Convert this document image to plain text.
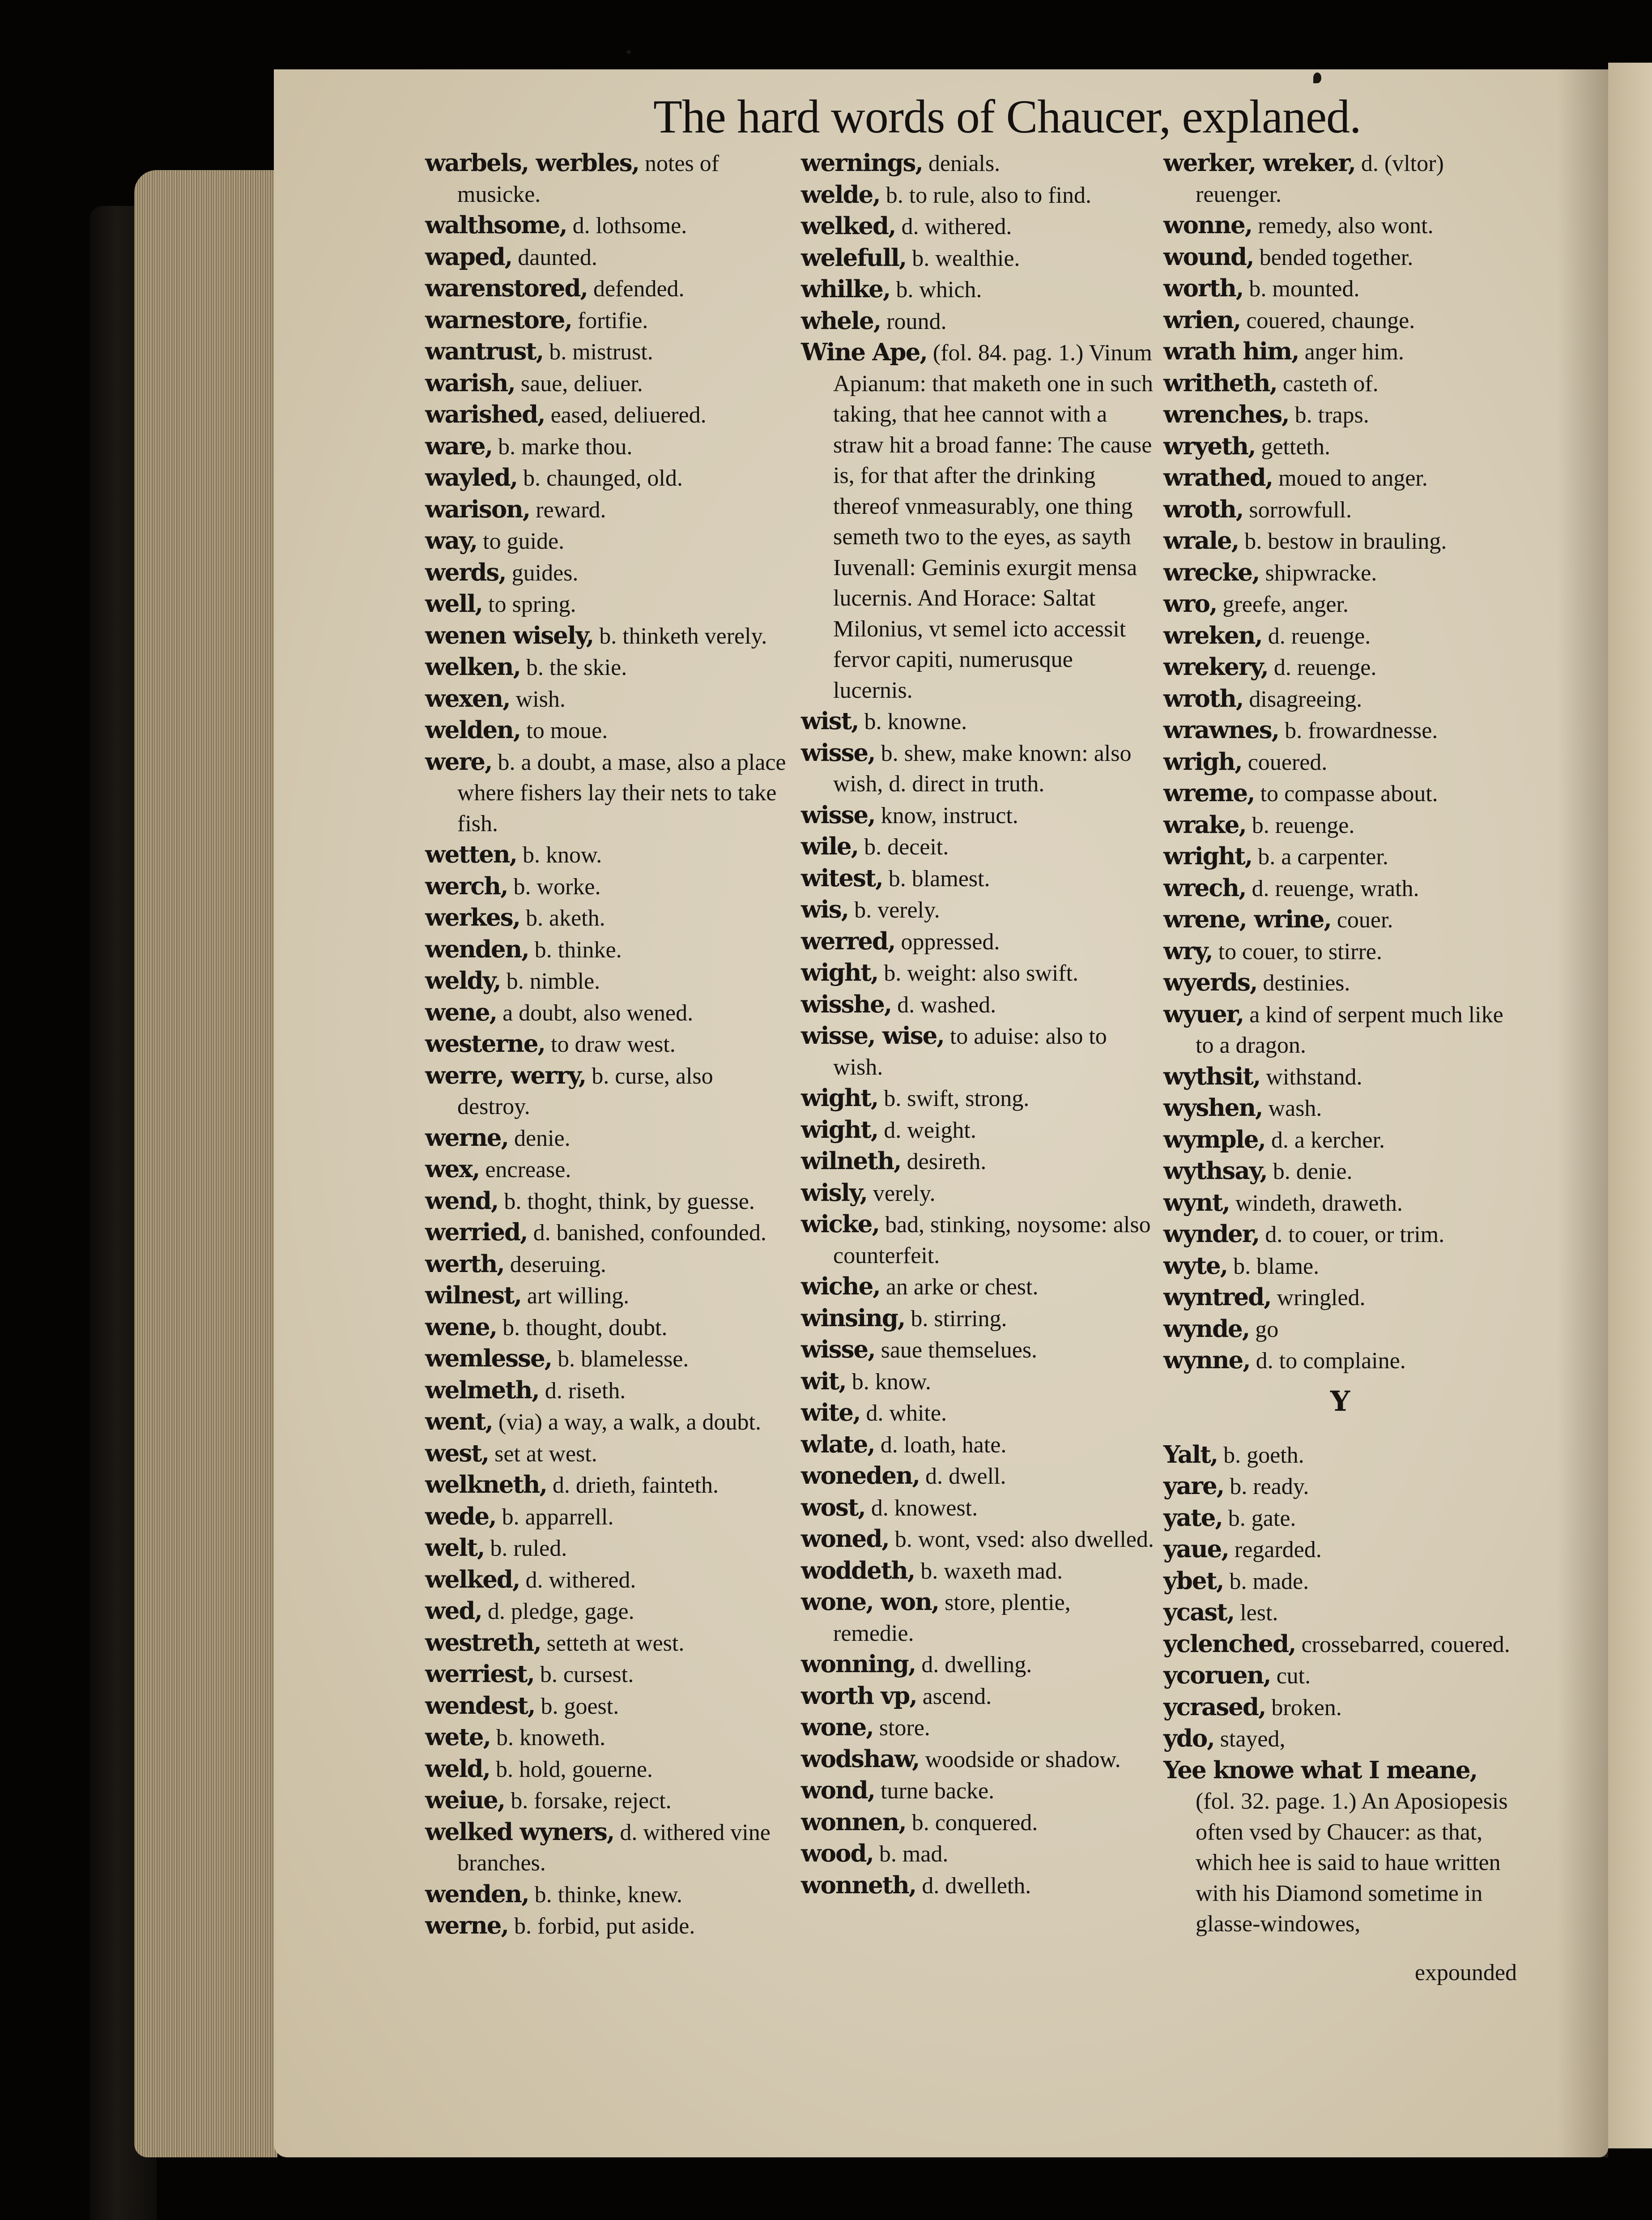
The hard words of Chaucer, explaned.

warbels, werbles, notes of musicke.

walthsome, d. lothsome.

waped, daunted.

warenstored, defended.

warnestore, fortifie.

wantrust, b. mistrust.

warish, saue, deliuer.

warished, eased, deliuered.

ware, b. marke thou.

wayled, b. chaunged, old.

warison, reward.

way, to guide.

werds, guides.

well, to spring.

wenen wisely, b. thinketh verely.

welken, b. the skie.

wexen, wish.

welden, to moue.

were, b. a doubt, a mase, also a place where fishers lay their nets to take fish.

wetten, b. know.

werch, b. worke.

werkes, b. aketh.

wenden, b. thinke.

weldy, b. nimble.

wene, a doubt, also wened.

westerne, to draw west.

werre, werry, b. curse, also destroy.

werne, denie.

wex, encrease.

wend, b. thoght, think, by guesse.

werried, d. banished, confounded.

werth, deseruing.

wilnest, art willing.

wene, b. thought, doubt.

wemlesse, b. blamelesse.

welmeth, d. riseth.

went, (via) a way, a walk, a doubt.

west, set at west.

welkneth, d. drieth, fainteth.

wede, b. apparrell.

welt, b. ruled.

welked, d. withered.

wed, d. pledge, gage.

westreth, setteth at west.

werriest, b. cursest.

wendest, b. goest.

wete, b. knoweth.

weld, b. hold, gouerne.

weiue, b. forsake, reject.

welked wyners, d. withered vine branches.

wenden, b. thinke, knew.

werne, b. forbid, put aside.

wernings, denials.

welde, b. to rule, also to find.

welked, d. withered.

welefull, b. wealthie.

whilke, b. which.

whele, round.

Wine Ape, (fol. 84. pag. 1.) Vinum Apianum: that maketh one in such taking, that hee cannot with a straw hit a broad fanne: The cause is, for that after the drinking thereof vnmeasurably, one thing semeth two to the eyes, as sayth Iuvenall: Geminis exurgit mensa lucernis. And Horace: Saltat Milonius, vt semel icto accessit fervor capiti, numerusque lucernis.

wist, b. knowne.

wisse, b. shew, make known: also wish, d. direct in truth.

wisse, know, instruct.

wile, b. deceit.

witest, b. blamest.

wis, b. verely.

werred, oppressed.

wight, b. weight: also swift.

wisshe, d. washed.

wisse, wise, to aduise: also to wish.

wight, b. swift, strong.

wight, d. weight.

wilneth, desireth.

wisly, verely.

wicke, bad, stinking, noysome: also counterfeit.

wiche, an arke or chest.

winsing, b. stirring.

wisse, saue themselues.

wit, b. know.

wite, d. white.

wlate, d. loath, hate.

woneden, d. dwell.

wost, d. knowest.

woned, b. wont, vsed: also dwelled.

woddeth, b. waxeth mad.

wone, won, store, plentie, remedie.

wonning, d. dwelling.

worth vp, ascend.

wone, store.

wodshaw, woodside or shadow.

wond, turne backe.

wonnen, b. conquered.

wood, b. mad.

wonneth, d. dwelleth.

werker, wreker, d. (vltor) reuenger.

wonne, remedy, also wont.

wound, bended together.

worth, b. mounted.

wrien, couered, chaunge.

wrath him, anger him.

writheth, casteth of.

wrenches, b. traps.

wryeth, getteth.

wrathed, moued to anger.

wroth, sorrowfull.

wrale, b. bestow in brauling.

wrecke, shipwracke.

wro, greefe, anger.

wreken, d. reuenge.

wrekery, d. reuenge.

wroth, disagreeing.

wrawnes, b. frowardnesse.

wrigh, couered.

wreme, to compasse about.

wrake, b. reuenge.

wright, b. a carpenter.

wrech, d. reuenge, wrath.

wrene, wrine, couer.

wry, to couer, to stirre.

wyerds, destinies.

wyuer, a kind of serpent much like to a dragon.

wythsit, withstand.

wyshen, wash.

wymple, d. a kercher.

wythsay, b. denie.

wynt, windeth, draweth.

wynder, d. to couer, or trim.

wyte, b. blame.

wyntred, wringled.

wynde, go

wynne, d. to complaine.

Y

Yalt, b. goeth.

yare, b. ready.

yate, b. gate.

yaue, regarded.

ybet, b. made.

ycast, lest.

yclenched, crossebarred, couered.

ycoruen, cut.

ycrased, broken.

ydo, stayed,

Yee knowe what I meane, (fol. 32. page. 1.) An Aposiopesis often vsed by Chaucer: as that, which hee is said to haue written with his Diamond sometime in glasse-windowes,

expounded
